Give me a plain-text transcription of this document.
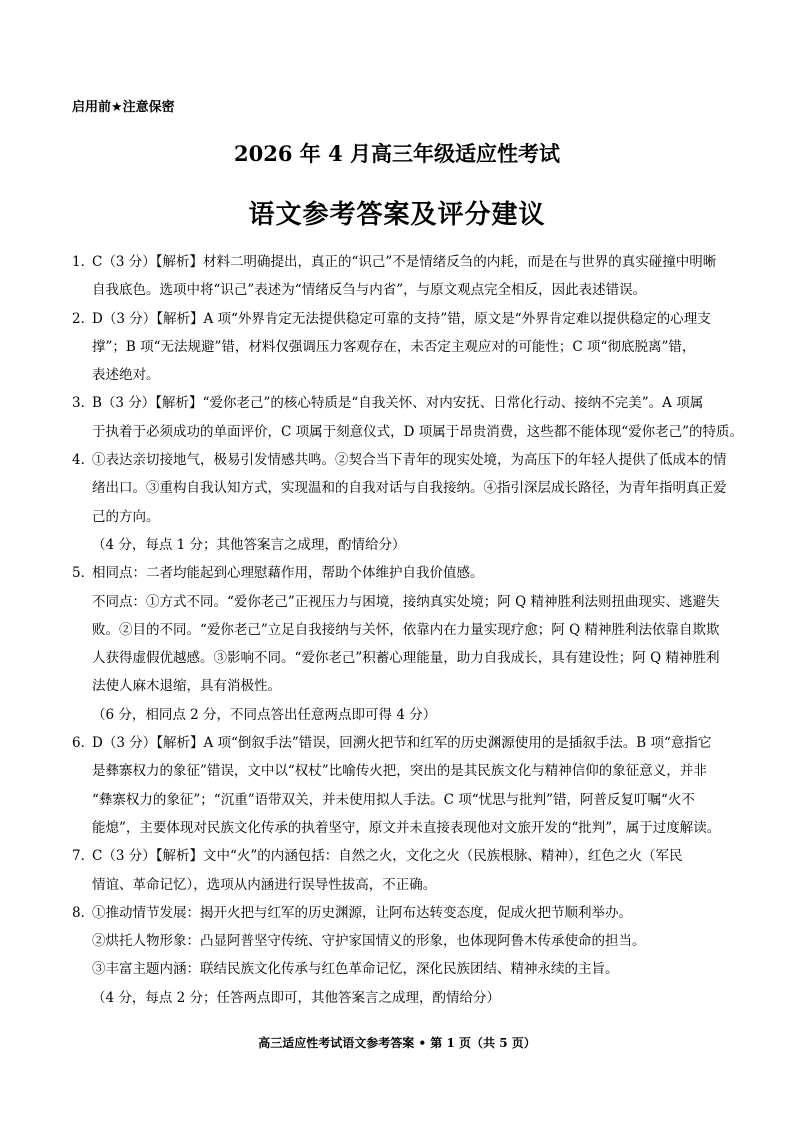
启用前★注意保密
2026 年 4 月高三年级适应性考试
语文参考答案及评分建议
1．
C（3 分）【解析】材料二明确提出，真正的“识己”不是情绪反刍的内耗，而是在与世界的真实碰撞中明晰
自我底色。选项中将“识己”表述为“情绪反刍与内省”，与原文观点完全相反，因此表述错误。
2．
D（3 分）【解析】A 项“外界肯定无法提供稳定可靠的支持”错，原文是“外界肯定难以提供稳定的心理支
撑”；B 项“无法规避”错，材料仅强调压力客观存在，未否定主观应对的可能性；C 项“彻底脱离”错，
表述绝对。
3．
B（3 分）【解析】“爱你老己”的核心特质是“自我关怀、对内安抚、日常化行动、接纳不完美”。A 项属
于执着于必须成功的单面评价，C 项属于刻意仪式，D 项属于昂贵消费，这些都不能体现“爱你老己”的特质。
4．
①表达亲切接地气，极易引发情感共鸣。②契合当下青年的现实处境，为高压下的年轻人提供了低成本的情
绪出口。③重构自我认知方式，实现温和的自我对话与自我接纳。④指引深层成长路径，为青年指明真正爱
己的方向。
（4 分，每点 1 分；其他答案言之成理，酌情给分）
5．
相同点：二者均能起到心理慰藉作用，帮助个体维护自我价值感。
不同点：①方式不同。“爱你老己”正视压力与困境，接纳真实处境；阿 Q 精神胜利法则扭曲现实、逃避失
败。②目的不同。“爱你老己”立足自我接纳与关怀，依靠内在力量实现疗愈；阿 Q 精神胜利法依靠自欺欺
人获得虚假优越感。③影响不同。“爱你老己”积蓄心理能量，助力自我成长，具有建设性；阿 Q 精神胜利
法使人麻木退缩，具有消极性。
（6 分，相同点 2 分，不同点答出任意两点即可得 4 分）
6．
D（3 分）【解析】A 项“倒叙手法”错误，回溯火把节和红军的历史渊源使用的是插叙手法。B 项“意指它
是彝寨权力的象征”错误，文中以“权杖”比喻传火把，突出的是其民族文化与精神信仰的象征意义，并非
“彝寨权力的象征”；“沉重”语带双关，并未使用拟人手法。C 项“忧思与批判”错，阿普反复叮嘱“火不
能熄”，主要体现对民族文化传承的执着坚守，原文并未直接表现他对文旅开发的“批判”，属于过度解读。
7．
C（3 分）【解析】文中“火”的内涵包括：自然之火，文化之火（民族根脉、精神），红色之火（军民
情谊、革命记忆），选项从内涵进行误导性拔高，不正确。
8．
①推动情节发展：揭开火把与红军的历史渊源，让阿布达转变态度，促成火把节顺利举办。
②烘托人物形象：凸显阿普坚守传统、守护家国情义的形象，也体现阿鲁木传承使命的担当。
③丰富主题内涵：联结民族文化传承与红色革命记忆，深化民族团结、精神永续的主旨。
（4 分，每点 2 分；任答两点即可，其他答案言之成理，酌情给分）
高三适应性考试语文参考答案 • 第 1 页（共 5 页）
